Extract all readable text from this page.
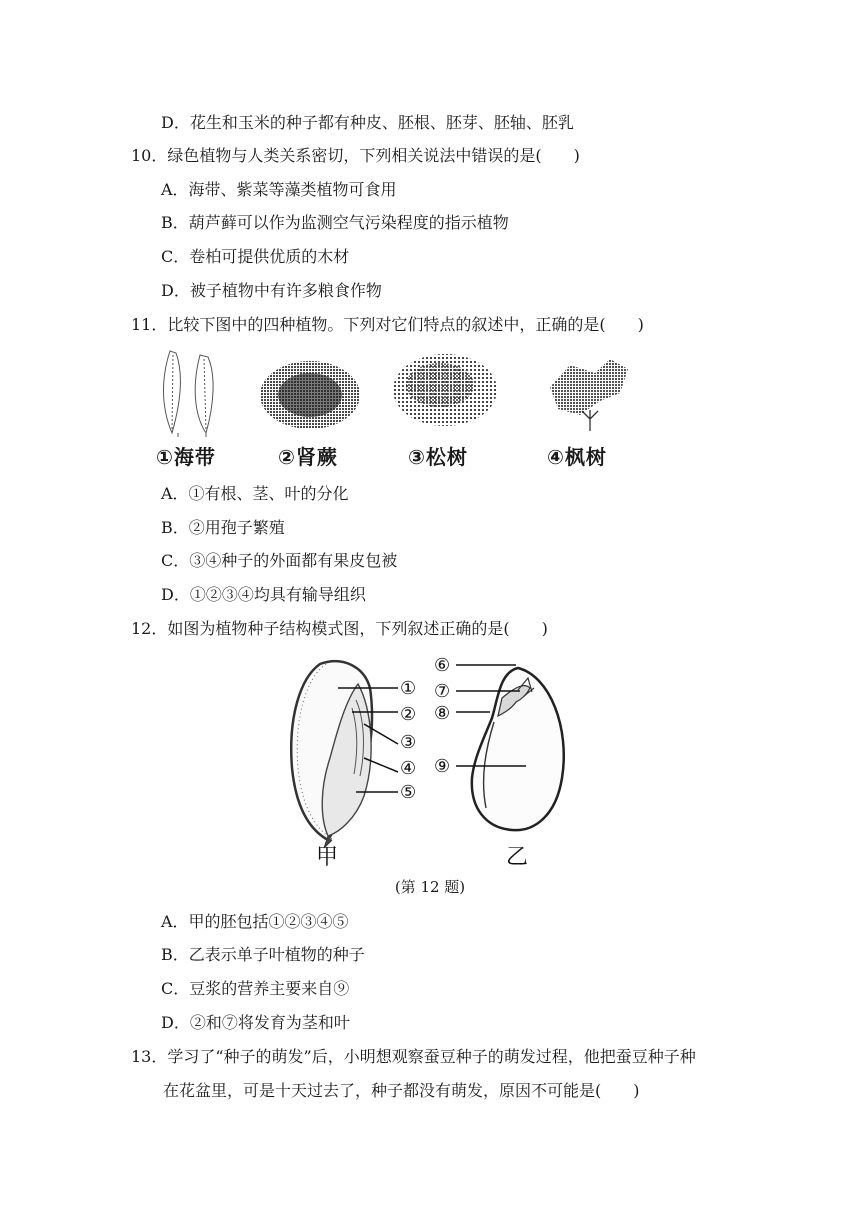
D．花生和玉米的种子都有种皮、胚根、胚芽、胚轴、胚乳
10．绿色植物与人类关系密切，下列相关说法中错误的是(　　)
A．海带、紫菜等藻类植物可食用
B．葫芦藓可以作为监测空气污染程度的指示植物
C．卷柏可提供优质的木材
D．被子植物中有许多粮食作物
11．比较下图中的四种植物。下列对它们特点的叙述中，正确的是(　　)
①海带	②肾蕨	③松树	④枫树
A．①有根、茎、叶的分化
B．②用孢子繁殖
C．③④种子的外面都有果皮包被
D．①②③④均具有输导组织
12．如图为植物种子结构模式图，下列叙述正确的是(　　)
①
②
③
④
⑤
⑥
⑦
⑧
⑨
甲	乙
(第 12 题)
A．甲的胚包括①②③④⑤
B．乙表示单子叶植物的种子
C．豆浆的营养主要来自⑨
D．②和⑦将发育为茎和叶
13．学习了“种子的萌发”后，小明想观察蚕豆种子的萌发过程，他把蚕豆种子种
在花盆里，可是十天过去了，种子都没有萌发，原因不可能是(　　)
